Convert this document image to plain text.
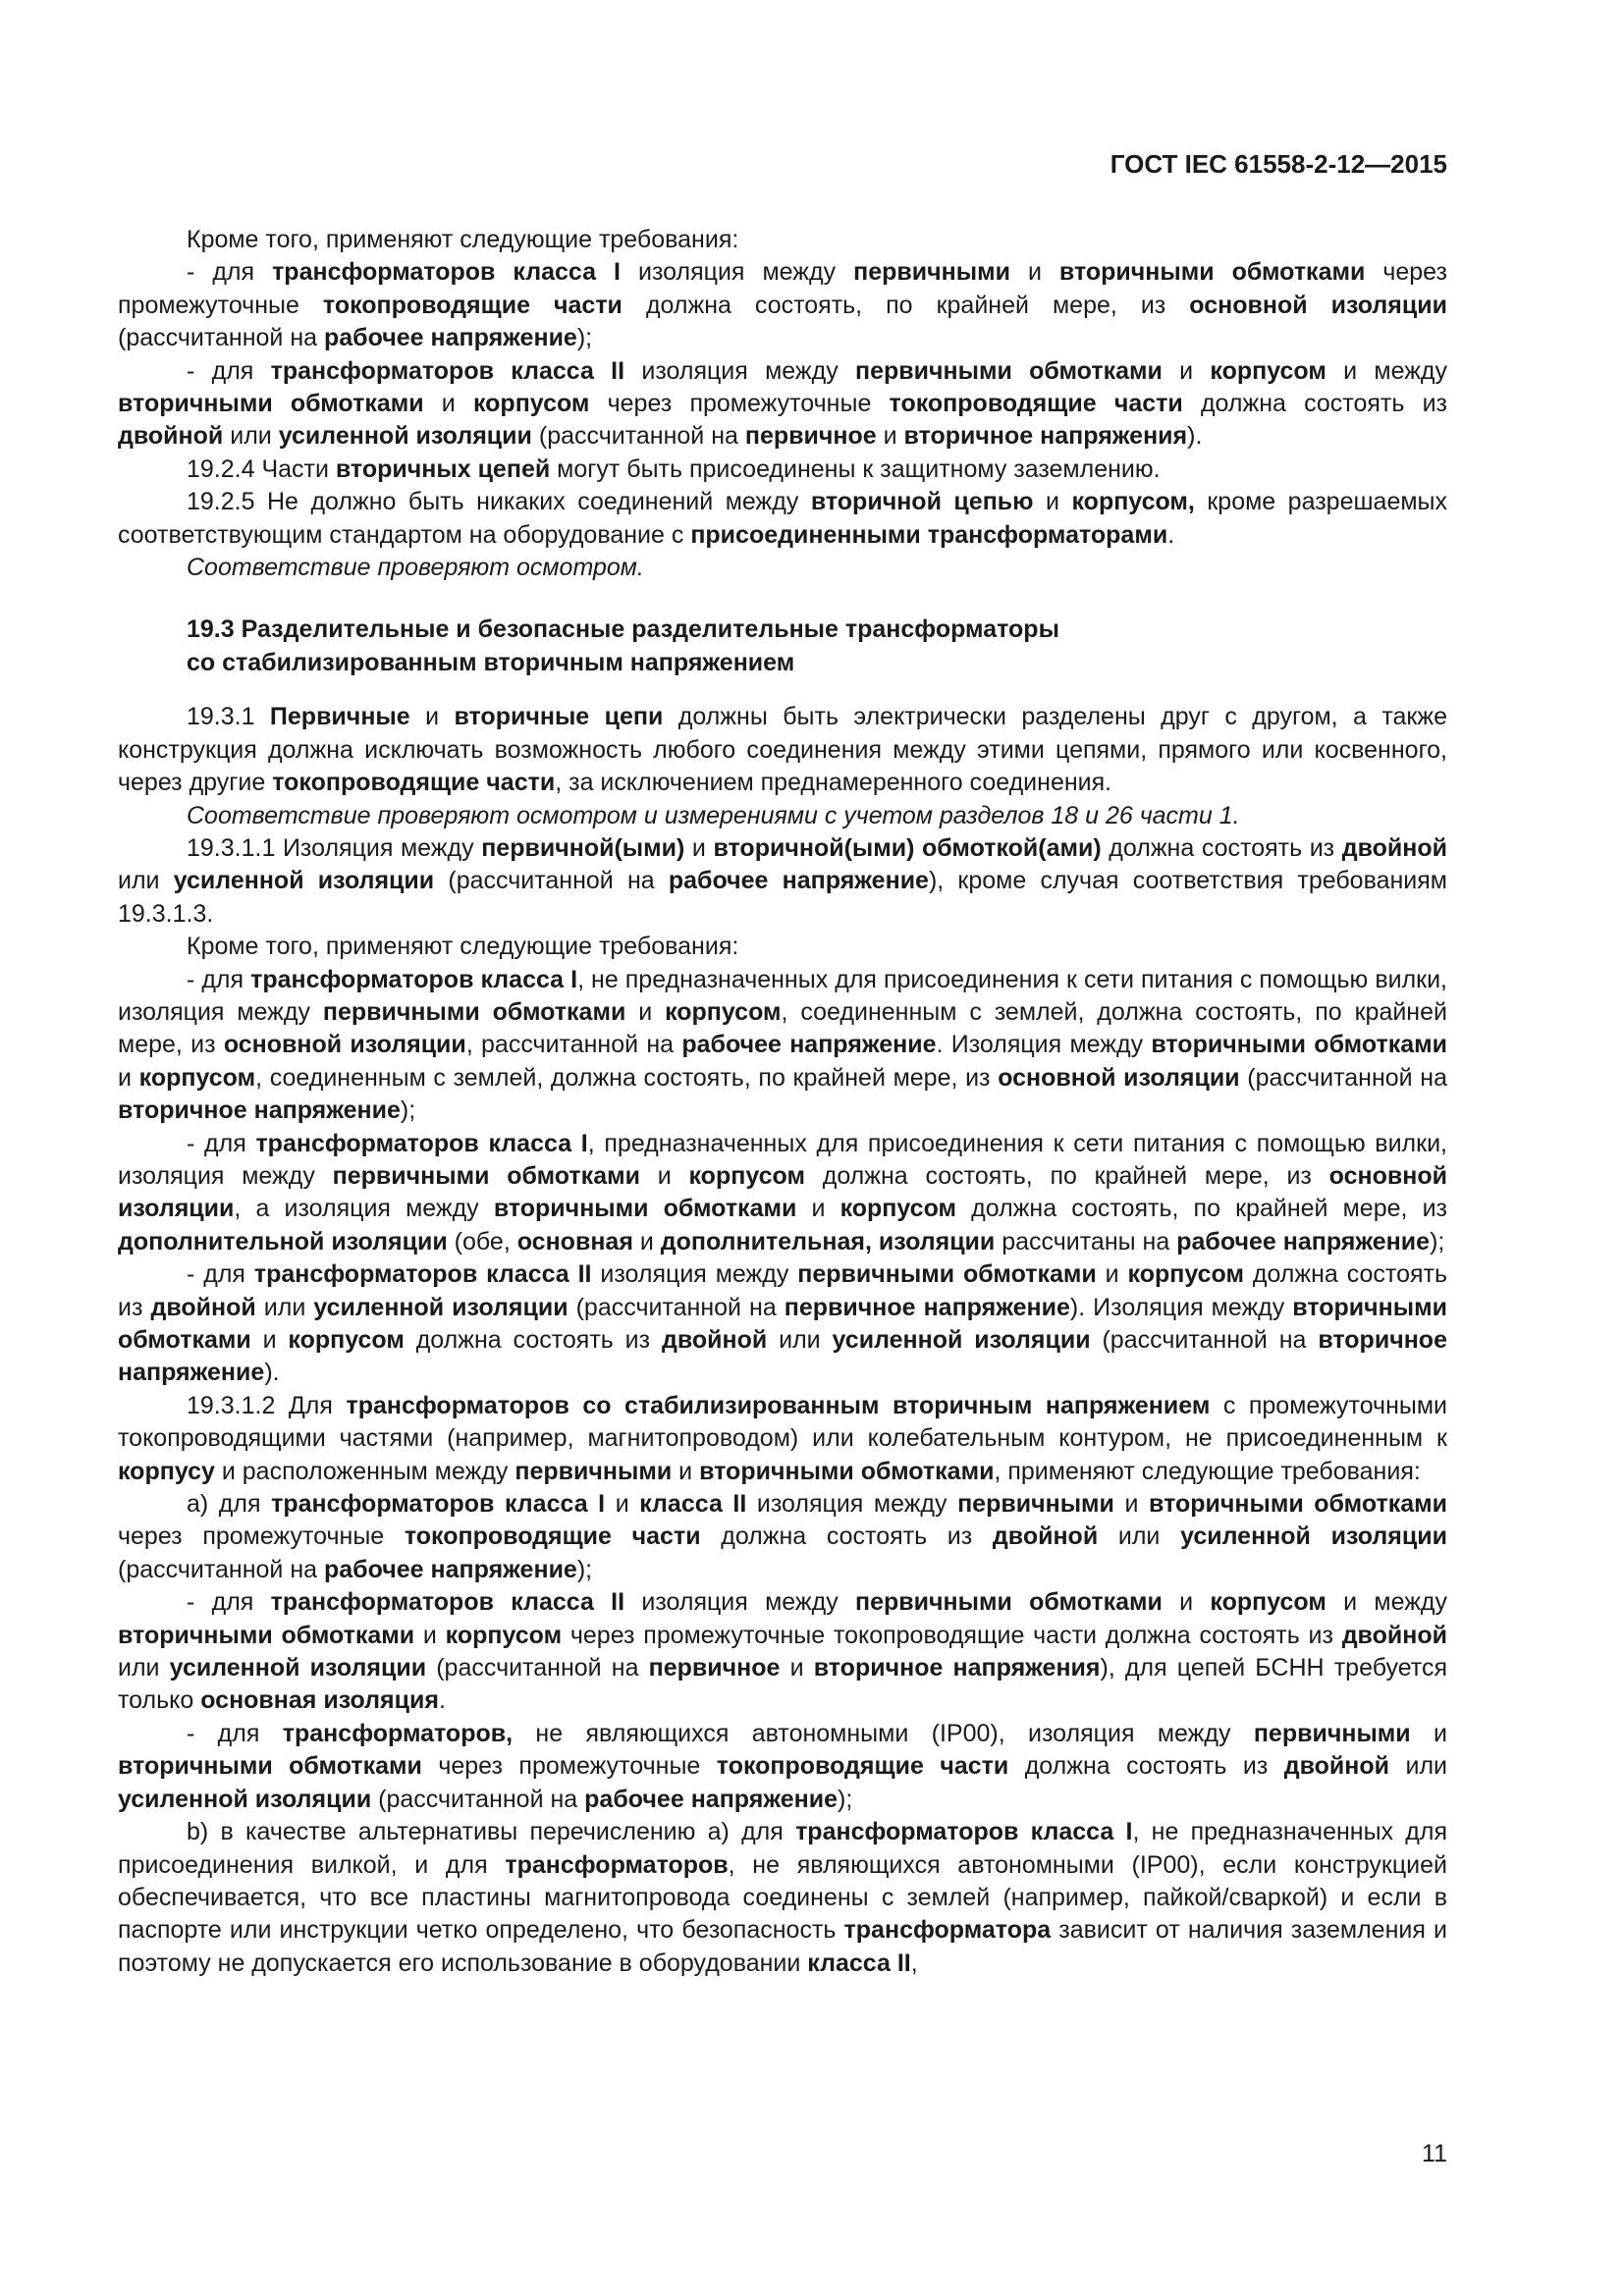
ГОСТ IEC 61558-2-12—2015

Кроме того, применяют следующие требования:

- для трансформаторов класса I изоляция между первичными и вторичными обмотками через промежуточные токопроводящие части должна состоять, по крайней мере, из основной изоляции (рассчитанной на рабочее напряжение);

- для трансформаторов класса II изоляция между первичными обмотками и корпусом и между вторичными обмотками и корпусом через промежуточные токопроводящие части должна состоять из двойной или усиленной изоляции (рассчитанной на первичное и вторичное напряжения).

19.2.4 Части вторичных цепей могут быть присоединены к защитному заземлению.

19.2.5 Не должно быть никаких соединений между вторичной цепью и корпусом, кроме разрешаемых соответствующим стандартом на оборудование с присоединенными трансформаторами.

Соответствие проверяют осмотром.

19.3 Разделительные и безопасные разделительные трансформаторы
со стабилизированным вторичным напряжением

19.3.1 Первичные и вторичные цепи должны быть электрически разделены друг с другом, а также конструкция должна исключать возможность любого соединения между этими цепями, прямого или косвенного, через другие токопроводящие части, за исключением преднамеренного соединения.

Соответствие проверяют осмотром и измерениями с учетом разделов 18 и 26 части 1.

19.3.1.1 Изоляция между первичной(ыми) и вторичной(ыми) обмоткой(ами) должна состоять из двойной или усиленной изоляции (рассчитанной на рабочее напряжение), кроме случая соответствия требованиям 19.3.1.3.

Кроме того, применяют следующие требования:

- для трансформаторов класса I, не предназначенных для присоединения к сети питания с помощью вилки, изоляция между первичными обмотками и корпусом, соединенным с землей, должна состоять, по крайней мере, из основной изоляции, рассчитанной на рабочее напряжение. Изоляция между вторичными обмотками и корпусом, соединенным с землей, должна состоять, по крайней мере, из основной изоляции (рассчитанной на вторичное напряжение);

- для трансформаторов класса I, предназначенных для присоединения к сети питания с помощью вилки, изоляция между первичными обмотками и корпусом должна состоять, по крайней мере, из основной изоляции, а изоляция между вторичными обмотками и корпусом должна состоять, по крайней мере, из дополнительной изоляции (обе, основная и дополнительная, изоляции рассчитаны на рабочее напряжение);

- для трансформаторов класса II изоляция между первичными обмотками и корпусом должна состоять из двойной или усиленной изоляции (рассчитанной на первичное напряжение). Изоляция между вторичными обмотками и корпусом должна состоять из двойной или усиленной изоляции (рассчитанной на вторичное напряжение).

19.3.1.2 Для трансформаторов со стабилизированным вторичным напряжением с промежуточными токопроводящими частями (например, магнитопроводом) или колебательным контуром, не присоединенным к корпусу и расположенным между первичными и вторичными обмотками, применяют следующие требования:

a) для трансформаторов класса I и класса II изоляция между первичными и вторичными обмотками через промежуточные токопроводящие части должна состоять из двойной или усиленной изоляции (рассчитанной на рабочее напряжение);

- для трансформаторов класса II изоляция между первичными обмотками и корпусом и между вторичными обмотками и корпусом через промежуточные токопроводящие части должна состоять из двойной или усиленной изоляции (рассчитанной на первичное и вторичное напряжения), для цепей БСНН требуется только основная изоляция.

- для трансформаторов, не являющихся автономными (IP00), изоляция между первичными и вторичными обмотками через промежуточные токопроводящие части должна состоять из двойной или усиленной изоляции (рассчитанной на рабочее напряжение);

b) в качестве альтернативы перечислению а) для трансформаторов класса I, не предназначенных для присоединения вилкой, и для трансформаторов, не являющихся автономными (IP00), если конструкцией обеспечивается, что все пластины магнитопровода соединены с землей (например, пайкой/сваркой) и если в паспорте или инструкции четко определено, что безопасность трансформатора зависит от наличия заземления и поэтому не допускается его использование в оборудовании класса II,

11
